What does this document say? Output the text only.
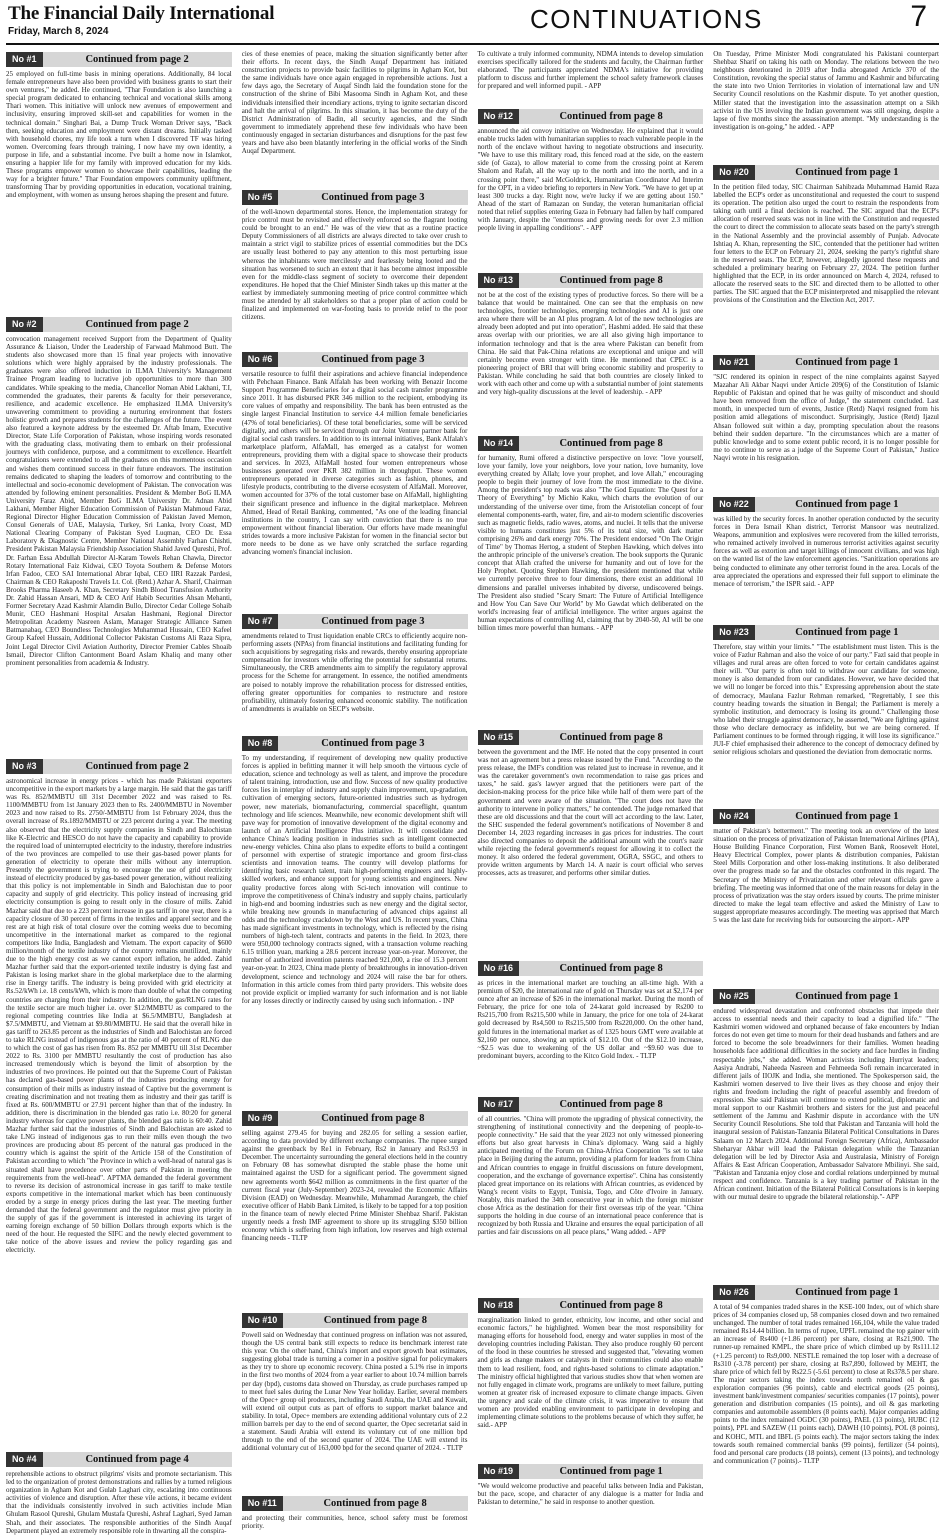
The Financial Daily International
Friday, March 8, 2024	CONTINUATIONS	7
No #1	Continued from page 2
25 employed on full-time basis in mining operations. Additionally, 84 local female entrepreneurs have also been provided with business grants to start their own ventures," he added. He continued, "Thar Foundation is also launching a special program dedicated to enhancing technical and vocational skills among Thari women. This initiative will unlock new avenues of empowerment and inclusivity, ensuring improved skill-set and capabilities for women in the technical domain." Singhari Bai, a Dump Truck Woman Driver says, "Back then, seeking education and employment were distant dreams. Initially tasked with household chores, my life took a turn when I discovered TF was hiring women. Overcoming fears through training, I now have my own identity, a purpose in life, and a substantial income. I've built a home now in Islamkot, ensuring a happier life for my family with improved education for my kids. These programs empower women to showcase their capabilities, leading the way for a brighter future." Thar Foundation empowers community upliftment, transforming Thar by providing opportunities in education, vocational training, and employment, with women as unsung heroes shaping the present and future.
No #2	Continued from page 2
convocation management received Support from the Department of Quality Assurance & Liaison, Under the Leadership of Farwaad Mahmood Butt. The students also showcased more than 15 final year projects with innovative solutions which were highly appraised by the industry professionals. The graduates were also offered induction in ILMA University's Management Trainee Program leading to lucrative job opportunities to more than 300 candidates. While speaking to the media, Chancellor Noman Abid Lakhani, T.I, commended the graduates, their parents & faculty for their perseverance, resilience, and academic excellence. He emphasized ILMA University's unwavering commitment to providing a nurturing environment that fosters holistic growth and prepares students for the challenges of the future. The event also featured a keynote address by the esteemed Dr. Aftab Imam, Executive Director, State Life Corporation of Pakistan, whose inspiring words resonated with the graduating class, motivating them to embark on their professional journeys with confidence, purpose, and a commitment to excellence. Heartfelt congratulations were extended to all the graduates on this momentous occasion and wishes them continued success in their future endeavors. The institution remains dedicated to shaping the leaders of tomorrow and contributing to the intellectual and socio-economic development of Pakistan. The convocation was attended by following eminent personalities. President & Member BoG ILMA University Faraz Abid, Member BoG ILMA University Dr. Adnan Abid Lakhani, Member Higher Education Commission of Pakistan Mahmoud Faraz, Regional Director Higher Education Commission of Pakistan Javed Memon, Consul Generals of UAE, Malaysia, Turkey, Sri Lanka, Ivory Coast, MD National Clearing Company of Pakistan Syed Luqman, CEO Dr. Essa Laboratory & Diagnostic Centre, Member National Assembly Farhan Chishti, President Pakistan Malaysia Friendship Association Shahid Javed Qureshi, Prof. Dr. Farhan Essa Abdullah Director Al-Karam Towels Rehan Chawla, Director Rotary International Faiz Kidwai, CEO Toyota Southern & Defense Motors Irfan Fadoo, CEO SAI International Abrar Iqbal, CEO IIRI Razzak Pardesi, Chairman & CEO Rakaposhi Travels Lt. Col. (Retd.) Azhar A. Sharif, Chairman Brooks Pharma Haseeb A. Khan, Secretary Sindh Blood Transfusion Authority Dr. Zahid Hassan Ansari, MD & CEO Arif Habib Securities Ahsan Mehanti, Former Secretary Azad Kashmir Alamdin Bullo, Director Cedar College Sohaib Munir, CEO Hashmani Hospital Arsalan Hashmani, Regional Director Metropolitan Academy Nasreen Aslam, Manager Strategic Alliance Samen Batmanabaq, CEO Boundless Technologies Muhammad Hussain, CEO Kafeel Group Kafeel Hussain, Additional Collector Pakistan Customs Ali Raza Sipra, Joint Legal Director Civil Aviation Authority, Director Premier Cables Shoaib Ismail, Director Clifton Cantonment Board Aslam Khaliq and many other prominent personalities from academia & Industry.
No #3	Continued from page 2
astronomical increase in energy prices - which has made Pakistani exporters uncompetitive in the export markets by a large margin. He said that the gas tariff was Rs. 852/MMBTU till 31st December 2022 and was raised to Rs. 1100/MMBTU from 1st January 2023 then to Rs. 2400/MMBTU in November 2023 and now raised to Rs. 2750/-MMBTU from 1st February 2024, thus the overall increase of Rs.1892/MMBTU or 223 percent during a year. The meeting also observed that the electricity supply companies in Sindh and Balochistan like K-Electric and HESCO do not have the capacity and capability to provide the required load of uninterrupted electricity to the industry, therefore industries of the two provinces are compelled to use their gas-based power plants for generation of electricity to operate their mills without any interruption. Presently the government is trying to encourage the use of grid electricity instead of electricity produced by gas-based power generation, without realizing that this policy is not implementable in Sindh and Balochistan due to poor capacity and supply of grid electricity. This policy instead of increasing grid electricity consumption is going to result only in the closure of mills. Zahid Mazhar said that due to a 223 percent increase in gas tariff in one year, there is a capacity closure of 30 percent of firms in the textiles and apparel sector and the rest are at high risk of total closure over the coming weeks due to becoming uncompetitive in the international market as compared to the regional competitors like India, Bangladesh and Vietnam. The export capacity of $600 million/month of the textile industry of the country remains unutilized, mainly due to the high energy cost as we cannot export inflation, he added. Zahid Mazhar further said that the export-oriented textile industry is dying fast and Pakistan is losing market share in the global marketplace due to the alarming rise in Energy tariffs. The industry is being provided with grid electricity at Rs.52/kWh i.e. 18 cents/kWh, which is more than double of what the competing countries are charging from their industry. In addition, the gas/RLNG rates for the textile sector are much higher i.e. over $12/MMBTU as compared to the regional competing countries like India at $6.5/MMBTU, Bangladesh at $7.5/MMBTU, and Vietnam at $9.80/MMBTU. He said that the overall hike in gas tariff to 263.85 percent as the industries of Sindh and Balochistan are forced to take RLNG instead of indigenous gas at the ratio of 40 percent of RLNG due to which the cost of gas has risen from Rs. 852 per MMBTU till 31st December 2022 to Rs. 3100 per MMBTU resultantly the cost of production has also increased tremendously which is beyond the limit of absorption by the industries of two provinces. He pointed out that the Supreme Court of Pakistan has declared gas-based power plants of the industries producing energy for consumption of their mills as industry instead of Captive but the government is creating discrimination and not treating them as industry and their gas tariff is fixed at Rs. 600/MMBTU or 27.91 percent higher than that of the industry. In addition, there is discrimination in the blended gas ratio i.e. 80:20 for general industry whereas for captive power plants, the blended gas ratio is 60:40. Zahid Mazhar further said that the industries of Sindh and Balochistan are asked to take LNG instead of indigenous gas to run their mills even though the two provinces are producing about 85 percent of the natural gas produced in the country which is against the spirit of the Article 158 of the Constitution of Pakistan according to which "the Province in which a well-head of natural gas is situated shall have precedence over other parts of Pakistan in meeting the requirements from the well-head". APTMA demanded the federal government to reverse its decision of astronomical increase in gas tariff to make textile exports competitive in the international market which has been continuously eroded by a surge in energy prices during the last year. The meeting further demanded that the federal government and the regulator must give priority in the supply of gas if the government is interested in achieving its target of earning foreign exchange of 50 billion Dollars through exports which is the need of the hour. He requested the SIFC and the newly elected government to take notice of the above issues and review the policy regarding gas and electricity.
No #4	Continued from page 4
reprehensible actions to obstruct pilgrims' visits and promote sectarianism. This led to the organization of protest demonstrations and rallies by a turned religious organization in Agham Kot and Gulab Laghari city, escalating into continuous activities of violence and disruption. After these vile actions, it became evident that the individuals consistently involved in such activities include Mian Ghulam Rasool Qureshi, Ghulam Mustafa Qureshi, Ashraf Laghari, Syed Jaman Shah, and their associates. The responsible authorities of the Sindh Auqaf Department played an extremely responsible role in thwarting all the conspira-
cies of these enemies of peace, making the situation significantly better after their efforts. In recent days, the Sindh Auqaf Department has initiated construction projects to provide basic facilities to pilgrims in Agham Kot, but the same individuals have once again engaged in reprehensible actions. Just a few days ago, the Secretary of Auqaf Sindh laid the foundation stone for the construction of the shrine of Bibi Masooma Sindh in Agham Kot, and these individuals intensified their incendiary actions, trying to ignite sectarian discord and halt the arrival of pilgrims. In this situation, it has become the duty of the District Administration of Badin, all security agencies, and the Sindh government to immediately apprehend these few individuals who have been continuously engaged in sectarian disturbances and disruptions for the past few years and have also been blatantly interfering in the official works of the Sindh Auqaf Department.
No #5	Continued from page 3
of the well-known departmental stores. Hence, the implementation strategy for price control must be revisited and effectively enforced so the flagrant looting could be brought to an end." He was of the view that as a routine practice Deputy Commissioners of all districts are always directed to take over crush to maintain a strict vigil to stabilize prices of essential commodities but the DCs are usually least bothered to pay any attention to this most perturbing issue whereas the inhabitants were mercilessly and fearlessly being looted and the situation has worsened to such an extent that it has become almost impossible even for the middle-class segment of society to overcome their dependent expenditures. He hoped that the Chief Minister Sindh takes up this matter at the earliest by immediately summoning meeting of price control committee which must be attended by all stakeholders so that a proper plan of action could be finalized and implemented on war-footing basis to provide relief to the poor citizens.
No #6	Continued from page 3
versatile resource to fulfil their aspirations and achieve financial independence with Pehchaan Finance. Bank Alfalah has been working with Benazir Income Support Programme Beneficiaries for a digital social cash transfer programme since 2011. It has disbursed PKR 346 million to the recipient, embodying its core values of empathy and responsibility. The bank has been entrusted as the single largest Financial Institution to service 4.4 million female beneficiaries (47% of total beneficiaries). Of these total beneficiaries, some will be serviced digitally, and others will be serviced through our Joint Venture partner bank for digital social cash transfers. In addition to its internal initiatives, Bank Alfalah's marketplace platform, AlfaMall, has emerged as a catalyst for women entrepreneurs, providing them with a digital space to showcase their products and services. In 2023, AlfaMall hosted four women entrepreneurs whose businesses generated over PKR 382 million in throughput. These women entrepreneurs operated in diverse categories such as fashion, phones, and lifestyle products, contributing to the diverse ecosystem of AlfaMall. Moreover, women accounted for 37% of the total customer base on AlfaMall, highlighting their significant presence and influence in the digital marketplace. Mehreen Ahmed, Head of Retail Banking, commented, "As one of the leading financial institutions in the country, I can say with conviction that there is no true empowerment without financial liberation. Our efforts have made meaningful strides towards a more inclusive Pakistan for women in the financial sector but more needs to be done as we have only scratched the surface regarding advancing women's financial inclusion.
No #7	Continued from page 3
amendments related to Trust liquidation enable CRCs to efficiently acquire non-performing assets (NPAs) from financial institutions and facilitating funding for such acquisitions by segregating risks and rewards, thereby ensuring appropriate compensation for investors while offering the potential for substantial returns. Simultaneously, the CRB amendments aim to simplify the regulatory approval process for the Scheme for arrangement. In essence, the notified amendments are poised to notably improve the rehabilitation process for distressed entities, offering greater opportunities for companies to restructure and restore profitability, ultimately fostering enhanced economic stability. The notification of amendments is available on SECP's website.
No #8	Continued from page 3
To my understanding, if requirement of developing new quality productive forces is applied in befitting manner it will help smooth the virtuous cycle of education, science and technology as well as talent, and improve the procedure of talent training, introduction, use and flow. Success of new quality productive forces lies in interplay of industry and supply chain improvement, up-gradation, cultivation of emerging sectors, future-oriented industries such as hydrogen power, new materials, biomanufacturing, commercial spaceflight, quantum technology and life sciences. Meanwhile, new economic development shift will pave way for promotion of innovative development of the digital economy and launch of an Artificial Intelligence Plus initiative. It will consolidate and enhance China's leading position in industries such as intelligent connected new-energy vehicles. China also plans to expedite efforts to build a contingent of personnel with expertise of strategic importance and groom first-class scientists and innovation teams. The country will develop platforms for identifying basic research talent, train high-performing engineers and highly-skilled workers, and enhance support for young scientists and engineers. New quality productive forces along with Sci-tech innovation will continue to improve the competitiveness of China's industry and supply chains, particularly in high-end and booming industries such as new energy and the digital sector, while breaking new grounds in manufacturing of advanced chips against all odds and the technology crackdown by the West and US. In recent years, China has made significant investments in technology, which is reflected by the rising numbers of high-tech talent, contracts and patents in the field. In 2023, there were 950,000 technology contracts signed, with a transaction volume reaching 6.15 trillion yuan, marking a 28.6 percent increase year-on-year. Moreover, the number of authorized invention patents reached 921,000, a rise of 15.3 percent year-on-year. In 2023, China made plenty of breakthroughs in innovation-driven development, science and technology and 2024 will raise the bar for others. Information in this article comes from third party providers. This website does not provide explicit or implied warranty for such information and is not liable for any losses directly or indirectly caused by using such information. - INP
No #9	Continued from page 8
selling against 279.45 for buying and 282.05 for selling a session earlier, according to data provided by different exchange companies. The rupee surged against the greenback by Re1 in February, Rs2 in January and Rs3.93 in December. The uncertainty surrounding the general elections held in the country on February 08 has somewhat disrupted the stable phase the home unit maintained against the USD for a significant period. The government signed new agreements worth $642 million as commitments in the first quarter of the current fiscal year (July-September) 2023-24, revealed the Economic Affairs Division (EAD) on Wednesday. Meanwhile, Muhammad Aurangzeb, the chief executive officer of Habib Bank Limited, is likely to be tapped for a top position in the finance team of newly elected Prime Minister Shehbaz Sharif. Pakistan urgently needs a fresh IMF agreement to shore up its struggling $350 billion economy which is suffering from high inflation, low reserves and high external financing needs - TLTP
No #10	Continued from page 8
Powell said on Wednesday that continued progress on inflation was not assured, though the US central bank still expects to reduce its benchmark interest rate this year. On the other hand, China's import and export growth beat estimates, suggesting global trade is turning a corner in a positive signal for policymakers as they try to shore up economic recovery. China posted a 5.1% rise in imports in the first two months of 2024 from a year earlier to about 10.74 million barrels per day (bpd), customs data showed on Thursday, as crude purchases ramped up to meet fuel sales during the Lunar New Year holiday. Earlier, several members of the Opec+ group oil producers, including Saudi Arabia, the UAE and Kuwait, will extend oil output cuts as part of efforts to support market balance and stability. In total, Opec+ members are extending additional voluntary cuts of 2.2 million barrels per day to the end of second quarter, the Opec secretariat said in a statement. Saudi Arabia will extend its voluntary cut of one million bpd through to the end of the second quarter of 2024. The UAE will extend its additional voluntary cut of 163,000 bpd for the second quarter of 2024. - TLTP
No #11	Continued from page 8
and protecting their communities, hence, school safety must be foremost priority.
To cultivate a truly informed community, NDMA intends to develop simulation exercises specifically tailored for the students and faculty, the Chairman further elaborated. The participants appreciated NDMA's initiative for providing platform to discuss and further implement the school safety framework clauses for prepared and well informed pupil. - APP
No #12	Continued from page 8
announced the aid convoy initiative on Wednesday. He explained that it would enable trucks laden with humanitarian supplies to reach vulnerable people in the north of the enclave without having to negotiate obstructions and insecurity. "We have to use this military road, this fenced road at the side, on the eastern side (of Gaza), to allow material to come from the crossing point at Kerem Shalom and Rafah, all the way up to the north and into the north, and in a crossing point there," said McGoldrick, Humanitarian Coordinator Ad Interim for the OPT, in a video briefing to reporters in New York. "We have to get up at least 300 trucks a day. Right now, we're lucky if we are getting about 150." Ahead of the start of Ramazan on Sunday, the veteran humanitarian official noted that relief supplies entering Gaza in February had fallen by half compared with January, despite the "enormous and growing needs for over 2.3 million people living in appalling conditions". - APP
No #13	Continued from page 8
not be at the cost of the existing types of productive forces. So there will be a balance that would be maintained. One can see that the emphasis on new technologies, frontier technologies, emerging technologies and AI is just one area where there will be an AI plus program. A lot of the new technologies are already been adopted and put into operation", Hashmi added. He said that these areas overlap with our priorities, we are all also giving high importance to information technology and that is the area where Pakistan can benefit from China. He said that Pak-China relations are exceptional and unique and will certainly become even stronger with time. He mentioned that CPEC is a pioneering project of BRI that will bring economic stability and prosperity to Pakistan. While concluding he said that both countries are closely linked to work with each other and come up with a substantial number of joint statements and very high-quality discussions at the level of leadership. - APP
No #14	Continued from page 8
for humanity, Rumi offered a distinctive perspective on love: "love yourself, love your family, love your neighbors, love your nation, love humanity, love everything created by Allah; love your prophet, and love Allah," encouraging people to begin their journey of love from the most immediate to the divine. Among the president's top reads was also "The God Equation: The Quest for a Theory of Everything" by Michio Kaku, which charts the evolution of our understanding of the universe over time, from the Aristotelian concept of four elemental components-earth, water, fire, and air-to modern scientific discoveries such as magnetic fields, radio waves, atoms, and nuclei. It tells that the universe visible to humans constitutes just 5% of its total size, with dark matter comprising 26% and dark energy 70%. The President endorsed "On The Origin of Time" by Thomas Hertog, a student of Stephen Hawking, which delves into the anthropic principle of the universe's creation. The book supports the Quranic concept that Allah crafted the universe for humanity and out of love for the Holy Prophet. Quoting Stephen Hawking, the president mentioned that while we currently perceive three to four dimensions, there exist an additional 10 dimensions and parallel universes inhabited by diverse, undiscovered beings. The President also studied "Scary Smart: The Future of Artificial Intelligence and How You Can Save Our World" by Mo Gawdat which deliberated on the world's increasing fear of artificial intelligence. The writer argues against the human expectations of controlling AI, claiming that by 2040-50, AI will be one billion times more powerful than humans. - APP
No #15	Continued from page 8
between the government and the IMF. He noted that the copy presented in court was not an agreement but a press release issued by the Fund. "According to the press release, the IMF's condition was related just to increase in revenue, and it was the caretaker government's own recommendation to raise gas prices and taxes," he said. gas's lawyer argued that the petitioners were part of the decision-making process for the price hike while half of them were part of the government and were aware of the situation. "The court does not have the authority to intervene in policy matters," he contended. The judge remarked that these are old discussions and that the court will act according to the law. Later, the SHC suspended the federal government's notifications of November 8 and December 14, 2023 regarding increases in gas prices for industries. The court also directed companies to deposit the additional amount with the court's nazir while rejecting the federal government's request for allowing it to collect the money. It also ordered the federal government, OGRA, SSGC, and others to provide written arguments by March 14. A nazir is court official who serves processes, acts as treasurer, and performs other similar duties.
No #16	Continued from page 8
as prices in the international market are touching an all-time high. With a premium of $20, the international rate of gold on Thursday was set at $2,174 per ounce after an increase of $26 in the international market. During the month of February, the price for one tola of 24-karat gold increased by Rs200 to Rs215,700 from Rs215,500 while in January, the price for one tola of 24-karat gold decreased by Rs4,500 to Rs215,500 from Rs220,000. On the other hand, gold futures in the international market as of 1325 hours GMT were available at $2,160 per ounce, showing an uptick of $12.10. Out of the $12.10 increase, ~$2.5 was due to weakening of the US dollar and ~$9.60 was due to predominant buyers, according to the Kitco Gold Index. - TLTP
No #17	Continued from page 8
of all countries. "China will promote the upgrading of physical connectivity, the strengthening of institutional connectivity and the deepening of people-to-people connectivity." He said that the year 2023 not only witnessed pioneering efforts but also great harvests in China's diplomacy. Wang said a highly anticipated meeting of the Forum on China-Africa Cooperation "is set to take place in Beijing during the autumn, providing a platform for leaders from China and African countries to engage in fruitful discussions on future development, cooperation, and the exchange of governance expertise". China has consistently placed great importance on its relations with African countries, as evidenced by Wang's recent visits to Egypt, Tunisia, Togo, and Côte d'Ivoire in January. Notably, this marked the 34th consecutive year in which the foreign minister chose Africa as the destination for their first overseas trip of the year. "China supports the holding in due course of an international peace conference that is recognized by both Russia and Ukraine and ensures the equal participation of all parties and fair discussions on all peace plans," Wang added. - APP
No #18	Continued from page 8
marginalization linked to gender, ethnicity, low income, and other social and economic factors," he highlighted. Women bear the most responsibility for managing efforts for household food, energy and water supplies in most of the developing countries including Pakistan. They also produce roughly 60 percent of the food in these countries he stressed and suggested that, "elevating women and girls as change makers or catalysts in their communities could also enable them to lead resilient, food, and rights-based solutions to climate adaptation." The ministry official highlighted that various studies show that when women are not fully engaged in climate work, programs are unlikely to meet failure, putting women at greater risk of increased exposure to climate change impacts. Given the urgency and scale of the climate crisis, it was imperative to ensure that women are provided enabling environment to participate in developing and implementing climate solutions to the problems because of which they suffer, he said.- APP
No #19	Continued from page 1
"We would welcome productive and peaceful talks between India and Pakistan, but the pace, scope, and character of any dialogue is a matter for India and Pakistan to determine," he said in response to another question.
On Tuesday, Prime Minister Modi congratulated his Pakistani counterpart Shehbaz Sharif on taking his oath on Monday. The relations between the two neighbours deteriorated in 2019 after India abrogated Article 370 of the Constitution, revoking the special status of Jammu and Kashmir and bifurcating the state into two Union Territories in violation of international law and UN Security Council resolutions on the Kashmir dispute. To yet another question, Miller stated that the investigation into the assassination attempt on a Sikh activist in the US involving the Indian government was still ongoing, despite a lapse of five months since the assassination attempt. "My understanding is the investigation is on-going," he added. - APP
No #20	Continued from page 1
In the petition filed today, SIC Chairman Sahibzada Muhammad Hamid Raza labelled the ECP's order as unconstitutional and requested the court to suspend its operation. The petition also urged the court to restrain the respondents from taking oath until a final decision is reached. The SIC argued that the ECP's allocation of reserved seats was not in line with the Constitution and requested the court to direct the commission to allocate seats based on the party's strength in the National Assembly and the provincial assembly of Punjab. Advocate Ishtiaq A. Khan, representing the SIC, contended that the petitioner had written four letters to the ECP on February 21, 2024, seeking the party's rightful share in the reserved seats. The ECP, however, allegedly ignored these requests and scheduled a preliminary hearing on February 27, 2024. The petition further highlighted that the ECP, in its order announced on March 4, 2024, refused to allocate the reserved seats to the SIC and directed them to be allotted to other parties. The SIC argued that the ECP misinterpreted and misapplied the relevant provisions of the Constitution and the Election Act, 2017.
No #21	Continued from page 1
"SJC rendered its opinion in respect of the nine complaints against Sayyed Mazahar Ali Akbar Naqvi under Article 209(6) of the Constitution of Islamic Republic of Pakistan and opined that he was guilty of misconduct and should have been removed from the office of Judge," the statement concluded. Last month, in unexpected turn of events, Justice (Retd) Naqvi resigned from his position amid allegations of misconduct. Surprisingly, Justice (Retd) Ijazul Ahsan followed suit within a day, prompting speculation about the reasons behind their sudden departure. "In the circumstances which are a matter of public knowledge and to some extent public record, it is no longer possible for me to continue to serve as a judge of the Supreme Court of Pakistan," Justice Naqvi wrote in his resignation.
No #22	Continued from page 1
was killed by the security forces. In another operation conducted by the security forces in Dera Ismail Khan district, Terrorist Mansoor was neutralized. Weapons, ammunition and explosives were recovered from the killed terrorists, who remained actively involved in numerous terrorist activities against security forces as well as extortion and target killings of innocent civilians, and was high on the wanted list of the law enforcement agencies. "Sanitization operations are being conducted to eliminate any other terrorist found in the area. Locals of the area appreciated the operations and expressed their full support to eliminate the menace of terrorism," the ISPR said. - APP
No #23	Continued from page 1
Therefore, stay within your limits." "The establishment must listen. This is the voice of Fazlur Rahman and also the voice of our party." Fazl said that people in villages and rural areas are often forced to vote for certain candidates against their will. "Our party is often told to withdraw our candidate for someone, money is also demanded from our candidates. However, we have decided that we will no longer be forced into this." Expressing apprehension about the state of democracy, Maulana Fazlur Rehman remarked, "Regrettably, I see this country heading towards the situation in Bengal; the Parliament is merely a symbolic institution, and democracy is losing its ground." Challenging those who label their struggle against democracy, he asserted, "We are fighting against those who declare democracy as infidelity, but we are being cornered. If Parliament continues to be formed through rigging, it will lose its significance." JUI-F chief emphasised their adherence to the concept of democracy defined by senior religious scholars and questioned the deviation from democratic norms.
No #24	Continued from page 1
matter of Pakistan's betterment." The meeting took an overview of the latest situation on the process of privatization of Pakistan International Airlines (PIA), House Building Finance Corporation, First Women Bank, Roosevelt Hotel, Heavy Electrical Complex, power plants & distribution companies, Pakistan Steel Mills Corporation and other loss-making institutions. It also deliberated over the progress made so far and the obstacles confronted in this regard. The Secretary of the Ministry of Privatization and other relevant officials gave a briefing. The meeting was informed that one of the main reasons for delay in the process of privatization was the stay orders issued by courts. The prime minister directed to make the legal team effective and asked the Ministry of Law to suggest appropriate measures accordingly. The meeting was apprised that March 5 was the last date for receiving bids for outsourcing the airport.- APP
No #25	Continued from page 1
endured widespread devastation and confronted obstacles that impede their access to essential needs and their capacity to lead a dignified life." "The Kashmiri women widowed and orphaned because of fake encounters by Indian forces do not even get time to mourn for their dead husbands and fathers and are forced to become the sole breadwinners for their families. Women heading households face additional difficulties in the society and face hurdles in finding respectable jobs," she added. Woman activists including Hurriyat leaders; Aasiya Andrabi, Naheeda Nasreen and Fehmeeda Sofi remain incarcerated in different jails of IIOJK and India, she mentioned. The Spokesperson said, the Kashmiri women deserved to live their lives as they choose and enjoy their rights and freedom including the right of peaceful assembly and freedom of expression. She said Pakistan will continue to extend political, diplomatic and moral support to our Kashmiri brothers and sisters for the just and peaceful settlement of the Jammu and Kashmir dispute in accordance with the UN Security Council Resolutions. She told that Pakistan and Tanzania will hold the inaugural session of Pakistan-Tanzania Bilateral Political Consultations in Dares Salaam on 12 March 2024. Additional Foreign Secretary (Africa), Ambassador Sheharyar Akbar will lead the Pakistan delegation while the Tanzanian delegation will be led by Director Asia and Australasia, Ministry of Foreign Affairs & East African Cooperation, Ambassador Salvatore Mbilinyi. She said, "Pakistan and Tanzania enjoy close and cordial relations underpinned by mutual respect and confidence. Tanzania is a key trading partner of Pakistan in the African continent. Initiation of the Bilateral Political Consultations is in keeping with our mutual desire to upgrade the bilateral relationship."- APP
No #26	Continued from page 1
A total of 94 companies traded shares in the KSE-100 Index, out of which share prices of 34 companies closed up, 58 companies closed down and two remained unchanged. The number of total trades remained 166,104, while the value traded remained Rs14.44 billion. In terms of rupee, UPFL remained the top gainer with an increase of Rs400 (+1.86 percent) per share, closing at Rs21,900. The runner-up remained KMPL, the share price of which climbed up by Rs111.12 (+1.25 percent) to Rs9,000. NESTLE remained the top loser with a decrease of Rs310 (-3.78 percent) per share, closing at Rs7,890, followed by MEHT, the share price of which fell by Rs22.5 (-5.61 percent) to close at Rs378.5 per share. The major sectors taking the index towards north remained oil & gas exploration companies (96 points), cable and electrical goods (25 points), investment bank/investment companies/ securities companies (17 points), power generation and distribution companies (15 points), and oil & gas marketing companies and automobile assemblers (8 points each). Major companies adding points to the index remained OGDC (30 points), PAEL (13 points), HUBC (12 points), PPL and SAZEW (11 points each), DAWH (10 points), POL (8 points), and KOHC, MTL and IBFL (5 points each). The major sectors taking the index towards south remained commercial banks (99 points), fertilizer (54 points), food and personal care products (18 points), cement (13 points), and technology and communication (7 points).- TLTP
